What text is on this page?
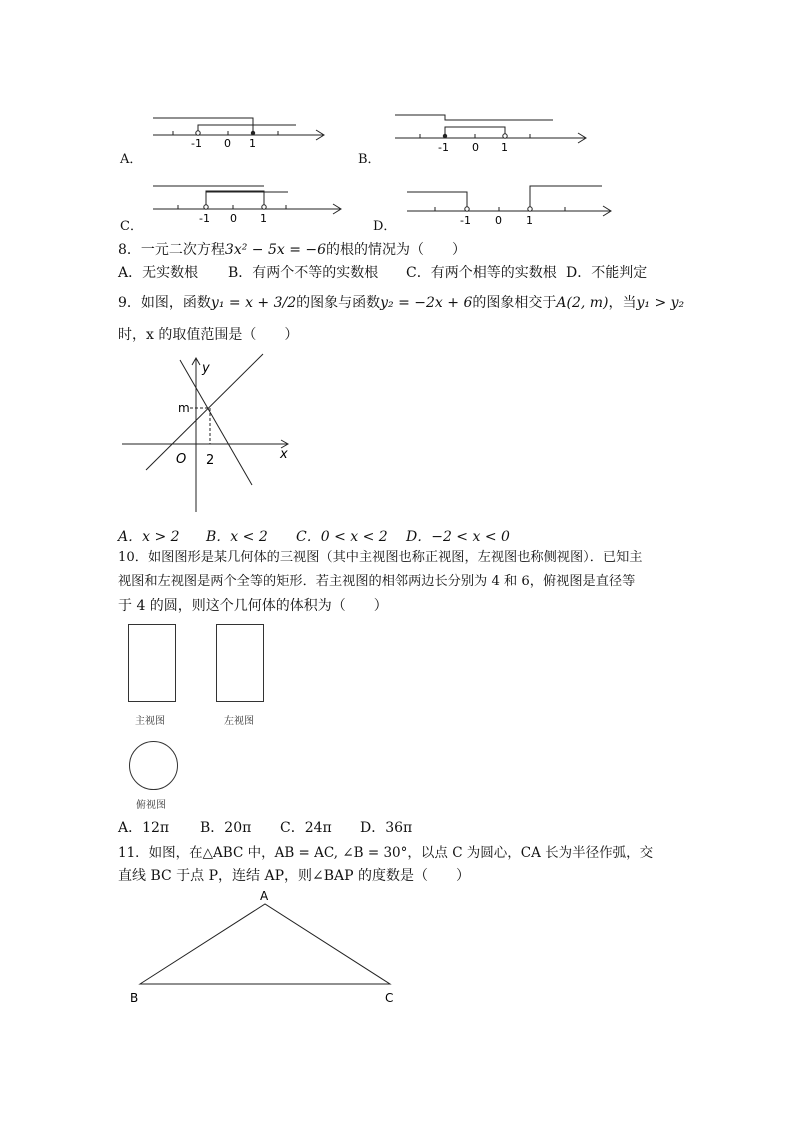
-1 0 1
A．
-1 0 1
B．
-1 0 1
C．	-1 0 1
D．
8．一元二次方程3x² − 5x = −6的根的情况为（　　）
A．无实数根 B．有两个不等的实数根 C．有两个相等的实数根 D．不能判定
9．如图，函数y₁ = x + 3/2的图象与函数y₂ = −2x + 6的图象相交于A(2, m)，当y₁ > y₂
时，x 的取值范围是（　　）
y
x
m
O 2
A．x > 2 B．x < 2 C．0 < x < 2 D．−2 < x < 0
10．如图图形是某几何体的三视图（其中主视图也称正视图，左视图也称侧视图）．已知主
视图和左视图是两个全等的矩形．若主视图的相邻两边长分别为 4 和 6，俯视图是直径等
于 4 的圆，则这个几何体的体积为（　　）
主视图	左视图
俯视图
A．12π B．20π C．24π D．36π
11．如图，在△ABC 中，AB = AC, ∠B = 30°，以点 C 为圆心，CA 长为半径作弧，交
直线 BC 于点 P，连结 AP，则∠BAP 的度数是（　　）
A
B	C
